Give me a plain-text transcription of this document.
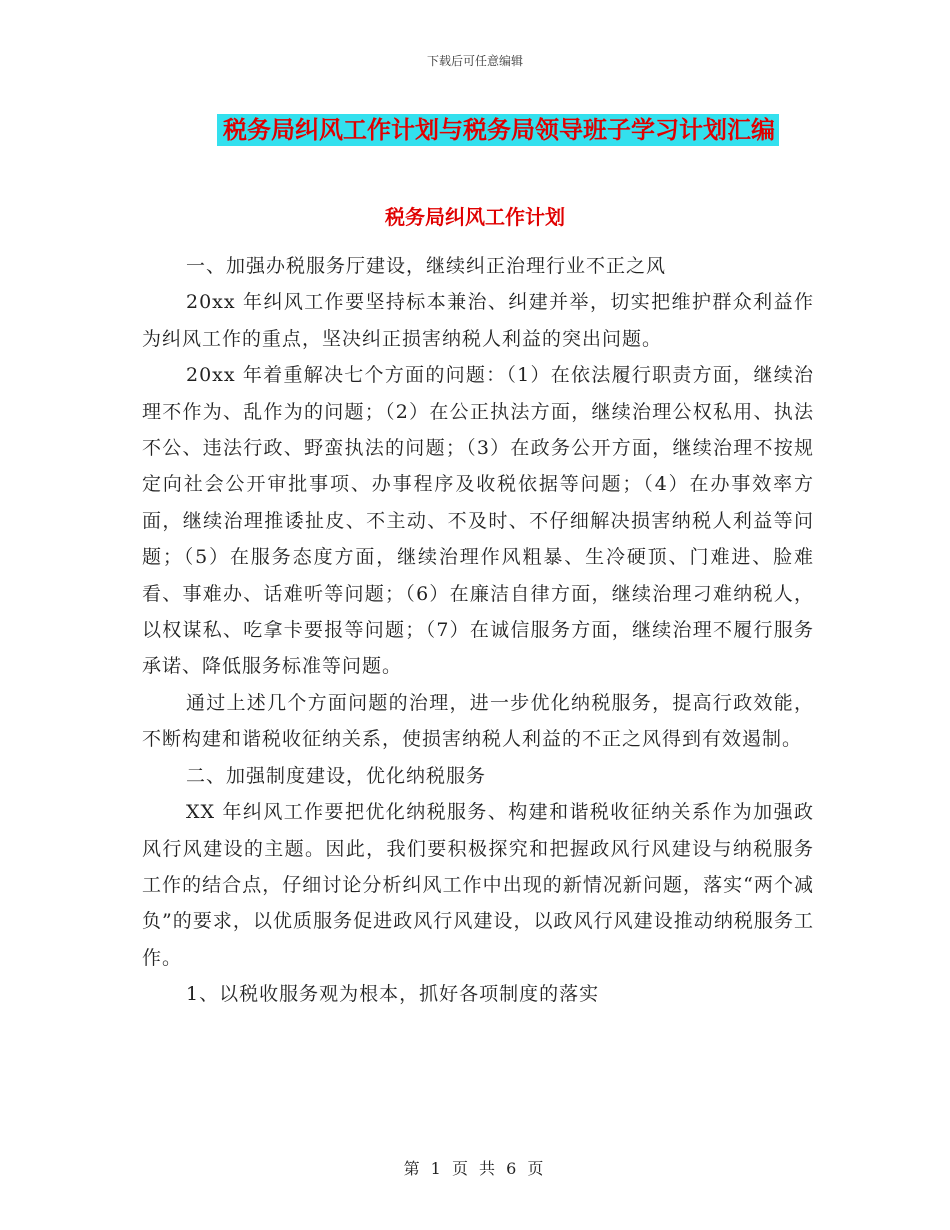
下载后可任意编辑
税务局纠风工作计划与税务局领导班子学习计划汇编
税务局纠风工作计划

一、加强办税服务厅建设，继续纠正治理行业不正之风

20xx 年纠风工作要坚持标本兼治、纠建并举，切实把维护群众利益作为纠风工作的重点，坚决纠正损害纳税人利益的突出问题。

20xx 年着重解决七个方面的问题：（1）在依法履行职责方面，继续治理不作为、乱作为的问题；（2）在公正执法方面，继续治理公权私用、执法不公、违法行政、野蛮执法的问题；（3）在政务公开方面，继续治理不按规定向社会公开审批事项、办事程序及收税依据等问题；（4）在办事效率方面，继续治理推诿扯皮、不主动、不及时、不仔细解决损害纳税人利益等问题；（5）在服务态度方面，继续治理作风粗暴、生冷硬顶、门难进、脸难看、事难办、话难听等问题；（6）在廉洁自律方面，继续治理刁难纳税人，以权谋私、吃拿卡要报等问题；（7）在诚信服务方面，继续治理不履行服务承诺、降低服务标准等问题。

通过上述几个方面问题的治理，进一步优化纳税服务，提高行政效能，不断构建和谐税收征纳关系，使损害纳税人利益的不正之风得到有效遏制。

二、加强制度建设，优化纳税服务

XX 年纠风工作要把优化纳税服务、构建和谐税收征纳关系作为加强政风行风建设的主题。因此，我们要积极探究和把握政风行风建设与纳税服务工作的结合点，仔细讨论分析纠风工作中出现的新情况新问题，落实“两个减负”的要求，以优质服务促进政风行风建设，以政风行风建设推动纳税服务工作。

1、以税收服务观为根本，抓好各项制度的落实

第 1 页 共 6 页
